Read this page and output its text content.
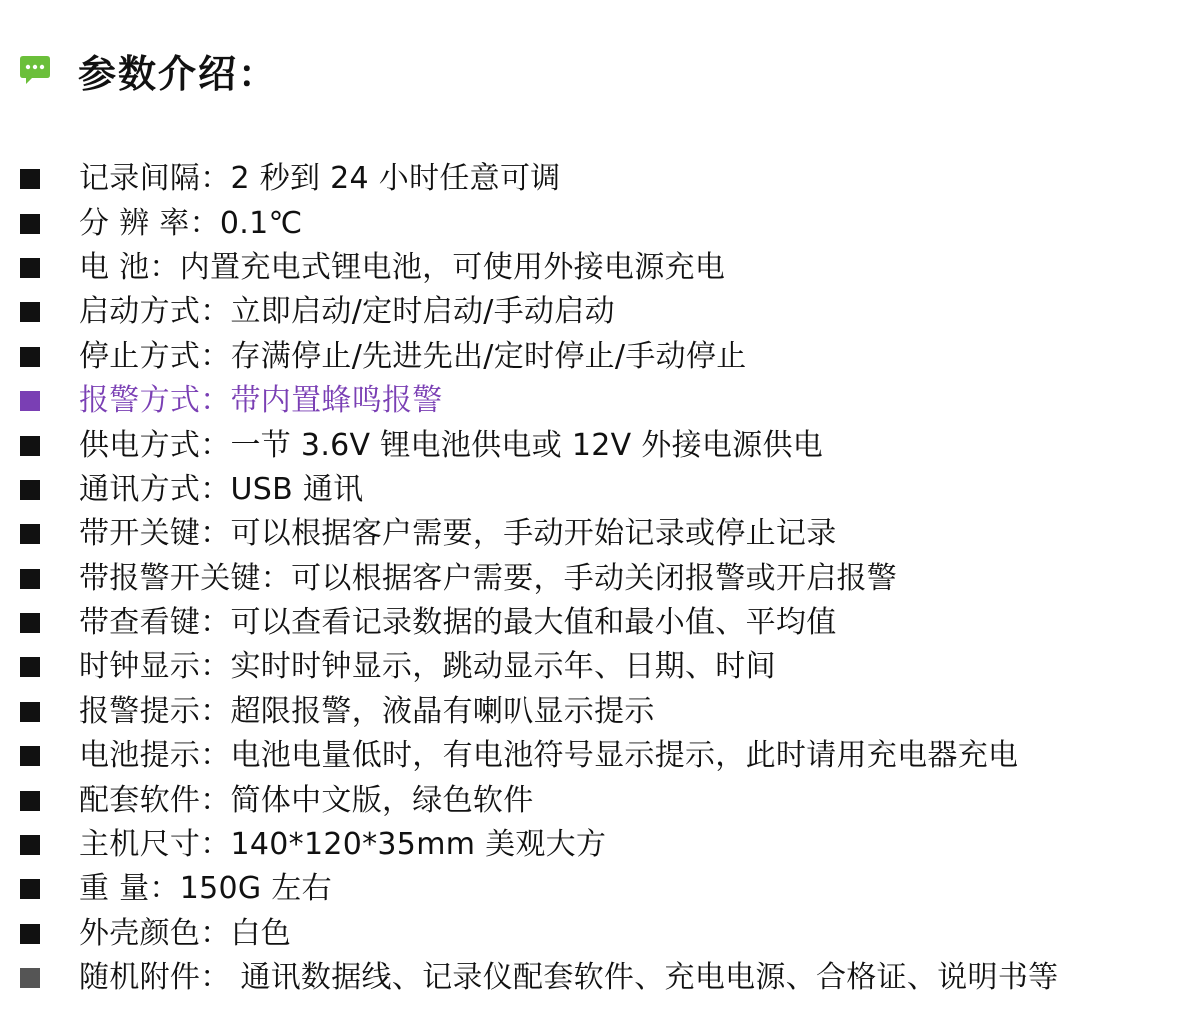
参数介绍：
记录间隔：2 秒到 24 小时任意可调
分 辨 率：0.1℃
电 池：内置充电式锂电池，可使用外接电源充电
启动方式：立即启动/定时启动/手动启动
停止方式：存满停止/先进先出/定时停止/手动停止
报警方式：带内置蜂鸣报警
供电方式：一节 3.6V 锂电池供电或 12V 外接电源供电
通讯方式：USB 通讯
带开关键：可以根据客户需要，手动开始记录或停止记录
带报警开关键：可以根据客户需要，手动关闭报警或开启报警
带查看键：可以查看记录数据的最大值和最小值、平均值
时钟显示：实时时钟显示，跳动显示年、日期、时间
报警提示：超限报警，液晶有喇叭显示提示
电池提示：电池电量低时，有电池符号显示提示，此时请用充电器充电
配套软件：简体中文版，绿色软件
主机尺寸：140*120*35mm 美观大方
重 量：150G 左右
外壳颜色：白色
随机附件： 通讯数据线、记录仪配套软件、充电电源、合格证、说明书等
